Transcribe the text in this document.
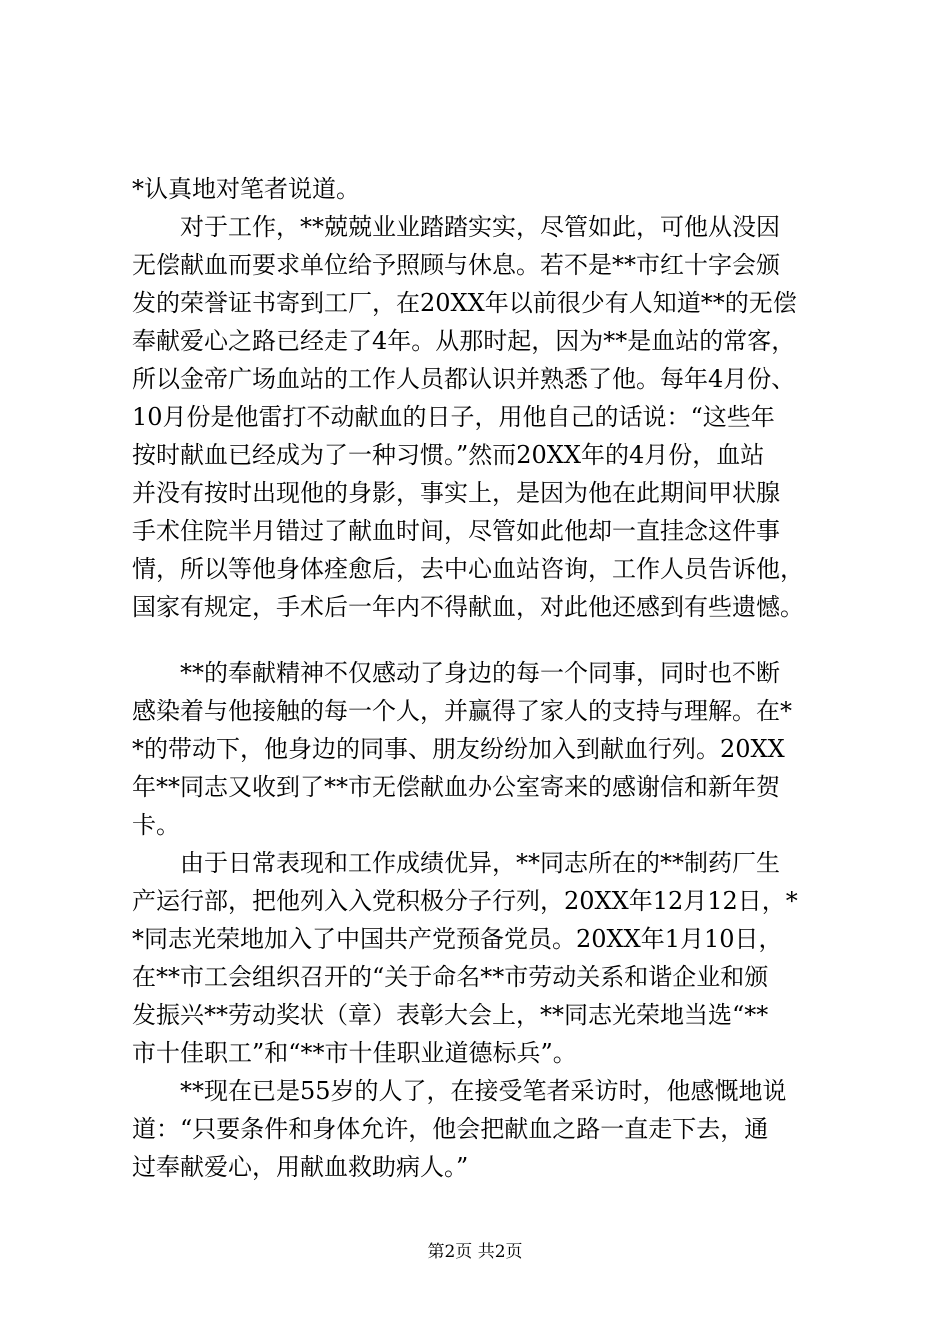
*认真地对笔者说道。

对于工作，**兢兢业业踏踏实实，尽管如此，可他从没因

无偿献血而要求单位给予照顾与休息。若不是**市红十字会颁

发的荣誉证书寄到工厂，在20XX年以前很少有人知道**的无偿

奉献爱心之路已经走了4年。从那时起，因为**是血站的常客，

所以金帝广场血站的工作人员都认识并熟悉了他。每年4月份、

10月份是他雷打不动献血的日子，用他自己的话说：“这些年

按时献血已经成为了一种习惯。”然而20XX年的4月份，血站

并没有按时出现他的身影，事实上，是因为他在此期间甲状腺

手术住院半月错过了献血时间，尽管如此他却一直挂念这件事

情，所以等他身体痊愈后，去中心血站咨询，工作人员告诉他，

国家有规定，手术后一年内不得献血，对此他还感到有些遗憾。

**的奉献精神不仅感动了身边的每一个同事，同时也不断

感染着与他接触的每一个人，并赢得了家人的支持与理解。在*

*的带动下，他身边的同事、朋友纷纷加入到献血行列。20XX

年**同志又收到了**市无偿献血办公室寄来的感谢信和新年贺

卡。

由于日常表现和工作成绩优异，**同志所在的**制药厂生

产运行部，把他列入入党积极分子行列，20XX年12月12日，*

*同志光荣地加入了中国共产党预备党员。20XX年1月10日，

在**市工会组织召开的“关于命名**市劳动关系和谐企业和颁

发振兴**劳动奖状（章）表彰大会上，**同志光荣地当选“**

市十佳职工”和“**市十佳职业道德标兵”。

**现在已是55岁的人了，在接受笔者采访时，他感慨地说

道：“只要条件和身体允许，他会把献血之路一直走下去，通

过奉献爱心，用献血救助病人。”

第2页 共2页
